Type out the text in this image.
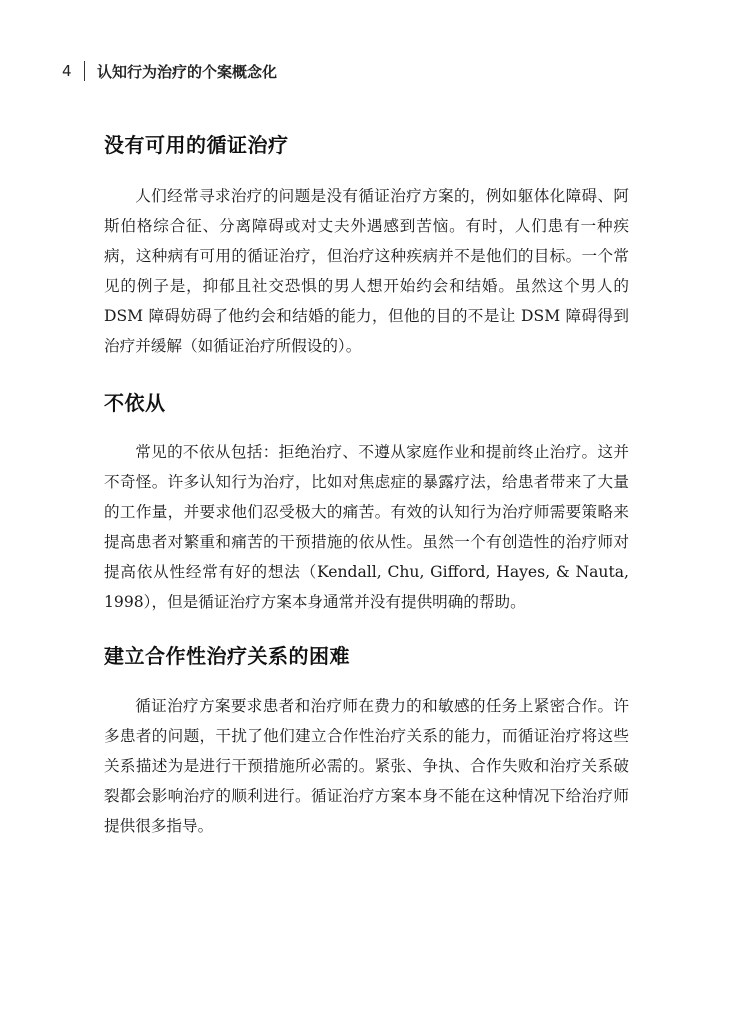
4 认知行为治疗的个案概念化
没有可用的循证治疗

人们经常寻求治疗的问题是没有循证治疗方案的，例如躯体化障碍、阿斯伯格综合征、分离障碍或对丈夫外遇感到苦恼。有时，人们患有一种疾病，这种病有可用的循证治疗，但治疗这种疾病并不是他们的目标。一个常见的例子是，抑郁且社交恐惧的男人想开始约会和结婚。虽然这个男人的 DSM 障碍妨碍了他约会和结婚的能力，但他的目的不是让 DSM 障碍得到治疗并缓解（如循证治疗所假设的）。

不依从

常见的不依从包括：拒绝治疗、不遵从家庭作业和提前终止治疗。这并不奇怪。许多认知行为治疗，比如对焦虑症的暴露疗法，给患者带来了大量的工作量，并要求他们忍受极大的痛苦。有效的认知行为治疗师需要策略来提高患者对繁重和痛苦的干预措施的依从性。虽然一个有创造性的治疗师对提高依从性经常有好的想法（Kendall, Chu, Gifford, Hayes, & Nauta, 1998），但是循证治疗方案本身通常并没有提供明确的帮助。

建立合作性治疗关系的困难

循证治疗方案要求患者和治疗师在费力的和敏感的任务上紧密合作。许多患者的问题，干扰了他们建立合作性治疗关系的能力，而循证治疗将这些关系描述为是进行干预措施所必需的。紧张、争执、合作失败和治疗关系破裂都会影响治疗的顺利进行。循证治疗方案本身不能在这种情况下给治疗师提供很多指导。
